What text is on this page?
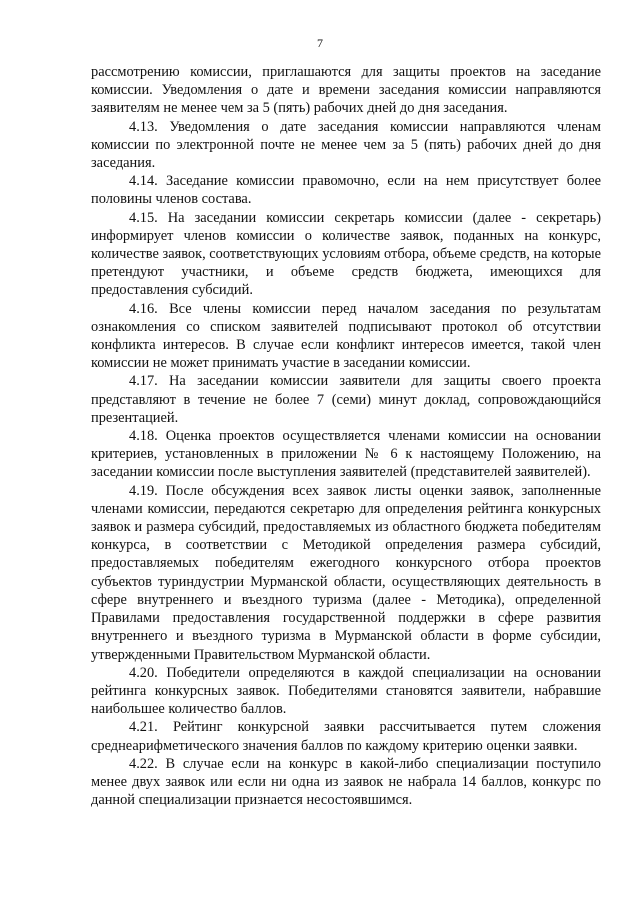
7

рассмотрению комиссии, приглашаются для защиты проектов на заседание комиссии. Уведомления о дате и времени заседания комиссии направляются заявителям не менее чем за 5 (пять) рабочих дней до дня заседания.

4.13. Уведомления о дате заседания комиссии направляются членам комиссии по электронной почте не менее чем за 5 (пять) рабочих дней до дня заседания.

4.14. Заседание комиссии правомочно, если на нем присутствует более половины членов состава.

4.15. На заседании комиссии секретарь комиссии (далее - секретарь) информирует членов комиссии о количестве заявок, поданных на конкурс, количестве заявок, соответствующих условиям отбора, объеме средств, на которые претендуют участники, и объеме средств бюджета, имеющихся для предоставления субсидий.

4.16. Все члены комиссии перед началом заседания по результатам ознакомления со списком заявителей подписывают протокол об отсутствии конфликта интересов. В случае если конфликт интересов имеется, такой член комиссии не может принимать участие в заседании комиссии.

4.17. На заседании комиссии заявители для защиты своего проекта представляют в течение не более 7 (семи) минут доклад, сопровождающийся презентацией.

4.18. Оценка проектов осуществляется членами комиссии на основании критериев, установленных в приложении № 6 к настоящему Положению, на заседании комиссии после выступления заявителей (представителей заявителей).

4.19. После обсуждения всех заявок листы оценки заявок, заполненные членами комиссии, передаются секретарю для определения рейтинга конкурсных заявок и размера субсидий, предоставляемых из областного бюджета победителям конкурса, в соответствии с Методикой определения размера субсидий, предоставляемых победителям ежегодного конкурсного отбора проектов субъектов туриндустрии Мурманской области, осуществляющих деятельность в сфере внутреннего и въездного туризма (далее - Методика), определенной Правилами предоставления государственной поддержки в сфере развития внутреннего и въездного туризма в Мурманской области в форме субсидии, утвержденными Правительством Мурманской области.

4.20. Победители определяются в каждой специализации на основании рейтинга конкурсных заявок. Победителями становятся заявители, набравшие наибольшее количество баллов.

4.21. Рейтинг конкурсной заявки рассчитывается путем сложения среднеарифметического значения баллов по каждому критерию оценки заявки.

4.22. В случае если на конкурс в какой-либо специализации поступило менее двух заявок или если ни одна из заявок не набрала 14 баллов, конкурс по данной специализации признается несостоявшимся.
